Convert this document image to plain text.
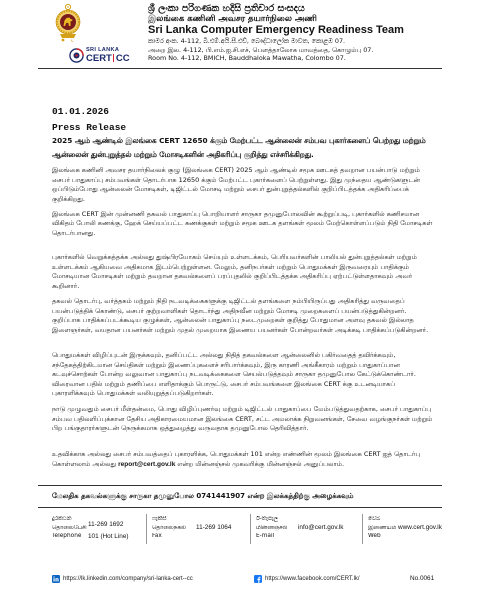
SRI LANKA
CERT CC
ශ්‍රී ලංකා පරිගණක හදිසි ප්‍රතිචාර සංසදය
இலங்கை கணினி அவசர தயார்நிலை அணி
Sri Lanka Computer Emergency Readiness Team
කාමර අංක. 4-112, බී.එම්.අයි.සී.එච්, බෞද්ධාලෝක මාවත, කොළඹ 07.
அறை இல. 4-112, பி.எம்.ஐ.சி.எச், பௌத்தாலோக மாவத்தை, கொழும்பு 07.
Room No. 4-112, BMICH, Bauddhaloka Mawatha, Colombo 07.
01.01.2026
Press Release
2025 ஆம் ஆண்டில் இலங்கை CERT 12650 க்கும் மேற்பட்ட ஆன்லைன் சம்பவ புகார்களைப் பெற்றது மற்றும் ஆன்லைன் துன்புறுத்தல் மற்றும் மோசடிகளின் அதிகரிப்பு குறித்து எச்சரிக்கிறது.
இலங்கை கணினி அவசர தயார்நிலைக் குழு (இலங்கை CERT) 2025 ஆம் ஆண்டில் சமூக ஊடகத் தவறான பயன்பாடு மற்றும் சைபர் பாதுகாப்பு சம்பவங்கள் தொடர்பாக 12650 க்கும் மேற்பட்ட புகார்களைப் பெற்றுள்ளது. இது முந்தைய ஆண்டுகளுடன் ஒப்பிடும்போது ஆன்லைன் மோசடிகள், டிஜிட்டல் மோசடி மற்றும் சைபர் துன்புறுத்தல்களில் குறிப்பிடத்தக்க அதிகரிப்பைக் குறிக்கிறது.
இலங்கை CERT இன் முன்னணி தகவல் பாதுகாப்பு பொறியாளர் சாருகா தமுனுபோலவின் கூற்றுப்படி, புகார்களில் கணிசமான விகிதம் போலி கணக்கு, ஹேக் செய்யப்பட்ட கணக்குகள் மற்றும் சமூக ஊடக தளங்கள் மூலம் மேற்கொள்ளப்படும் நிதி மோசடிகள் தொடர்பானது.
புகார்களில் வெறுக்கத்தக்க அல்லது துஷ்பிரயோகம் செய்யும் உள்ளடக்கம், பெரியவர்களின் பாலியல் துன்புறுத்தல்கள் மற்றும் உள்ளடக்கம் ஆகியவை அதிகமாக இடம்பெற்றுள்ளன. மேலும், தனிநபர்கள் மற்றும் பொதுமக்கள் இருவரையும் பாதிக்கும் மோசடியான மோசடிகள் மற்றும் தவறான தகவல்களைப் பரப்புதலில் குறிப்பிடத்தக்க அதிகரிப்பு ஏற்பட்டுள்ளதாகவும் அவர் கூறினார்.
தகவல் தொடர்பு, வர்த்தகம் மற்றும் நிதி நடவடிக்கைகளுக்கு டிஜிட்டல் தளங்களை நம்பியிருப்பது அதிகரித்து வருவதைப் பயன்படுத்திக் கொண்டு, சைபர் குற்றவாளிகள் தொடர்ந்து அதிநவீன மற்றும் மோசடி முறைகளைப் பயன்படுத்துகின்றனர். குறிப்பாக பாதிக்கப்படக்கூடிய குழுக்கள், ஆன்லைன் பாதுகாப்பு நடைமுறைகள் குறித்து போதுமான அளவு தகவல் இல்லாத இளைஞர்கள், வயதான பயனர்கள் மற்றும் முதல் முறையாக இணைய பயனர்கள் போன்றவர்கள் அடிக்கடி பாதிக்கப்படுகின்றனர்.
பொதுமக்கள் விழிப்புடன் இருக்கவும், தனிப்பட்ட அல்லது நிதித் தகவல்களை ஆன்லைனில் பகிர்வதைத் தவிர்க்கவும், சந்தேகத்திற்கிடமான செய்திகள் மற்றும் இணைப்புகளைச் சரிபார்க்கவும், இரு காரணி அங்கீகாரம் மற்றும் பாதுகாப்பான கடவுச்சொற்கள் போன்ற வலுவான பாதுகாப்பு நடவடிக்கைகளை செயல்படுத்தவும் சாருகா தமுனுபோல கேட்டுக்கொண்டார். விரைவான பதில் மற்றும் தணிப்பை எளிதாக்கும் பொருட்டு, சைபர் சம்பவங்களை இலங்கை CERT க்கு உடனடியாகப் புகாரளிக்கவும் பொதுமக்கள் வலியுறுத்தப்படுகிறார்கள்.
நாடு முழுவதும் சைபர் மீள்தன்மை, பொது விழிப்புணர்வு மற்றும் டிஜிட்டல் பாதுகாப்பை மேம்படுத்துவதற்காக, சைபர் பாதுகாப்பு சம்பவ பதிலளிப்புக்கான தேசிய அதிகாரமையமான இலங்கை CERT, சட்ட அமலாக்க நிறுவனங்கள், சேவை வழங்குநர்கள் மற்றும் பிற பங்குதாரர்களுடன் நெருக்கமாக ஒத்துழைத்து வருவதாக தமுனுபோல தெரிவித்தார்.
உதவிக்காக அல்லது சைபர் சம்பவத்தைப் புகாரளிக்க, பொதுமக்கள் 101 என்ற எண்ணின் மூலம் இலங்கை CERT ஐத் தொடர்பு கொள்ளலாம் அல்லது report@cert.gov.lk என்ற மின்னஞ்சல் முகவரிக்கு மின்னஞ்சல் அனுப்பலாம்.
மேலதிக தகவல்களுக்கு சாருகா தமுனுபோல 0741441907 என்ற இலக்கத்திற்கு அழைக்கவும்
දුරකථන
தொலைபேசி
Telephone
11-269 1692
101 (Hot Line)
ෆැක්ස්
தொலைநகல்
Fax
11-269 1064
ඊ-තැපැල
மின்னஞ்சல்
E-mail
info@cert.gov.lk
වෙබ්
இணையம்
Web
www.cert.gov.lk
https://lk.linkedin.com/company/sri-lanka-cert--cc	https://www.facebook.com/CERT.lk/	No.0061
